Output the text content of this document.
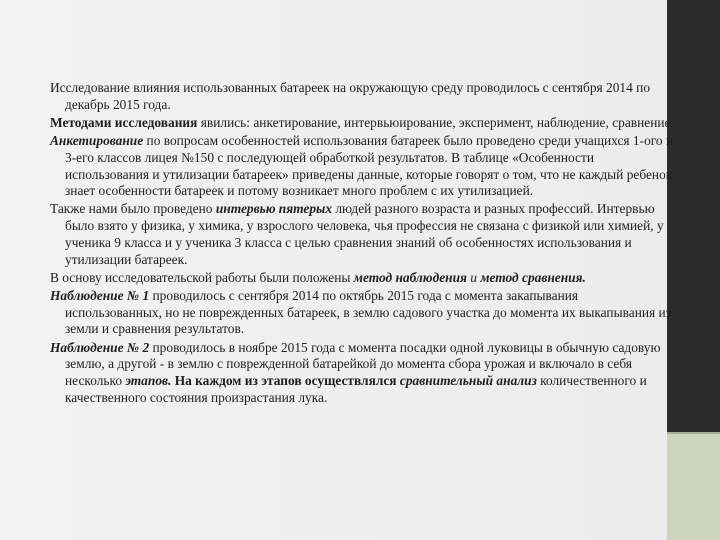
Исследование влияния использованных батареек на окружающую среду проводилось с сентября 2014 по декабрь 2015 года.

Методами исследования явились: анкетирование, интервьюирование, эксперимент, наблюдение, сравнение.

Анкетирование по вопросам особенностей использования батареек было проведено среди учащихся 1-ого и 3-его классов лицея №150 с последующей обработкой результатов. В таблице «Особенности использования и утилизации батареек» приведены данные, которые говорят о том, что не каждый ребенок знает особенности батареек и потому возникает много проблем с их утилизацией.

Также нами было проведено интервью пятерых людей разного возраста и разных профессий. Интервью было взято у физика, у химика, у взрослого человека, чья профессия не связана с физикой или химией, у ученика 9 класса и у ученика 3 класса с целью сравнения знаний об особенностях использования и утилизации батареек.

В основу исследовательской работы были положены метод наблюдения и метод сравнения.

Наблюдение № 1 проводилось с сентября 2014 по октябрь 2015 года с момента закапывания использованных, но не поврежденных батареек, в землю садового участка до момента их выкапывания из земли и сравнения результатов.

Наблюдение № 2 проводилось в ноябре 2015 года с момента посадки одной луковицы в обычную садовую землю, а другой - в землю с поврежденной батарейкой до момента сбора урожая и включало в себя несколько этапов. На каждом из этапов осуществлялся сравнительный анализ количественного и качественного состояния произрастания лука.
